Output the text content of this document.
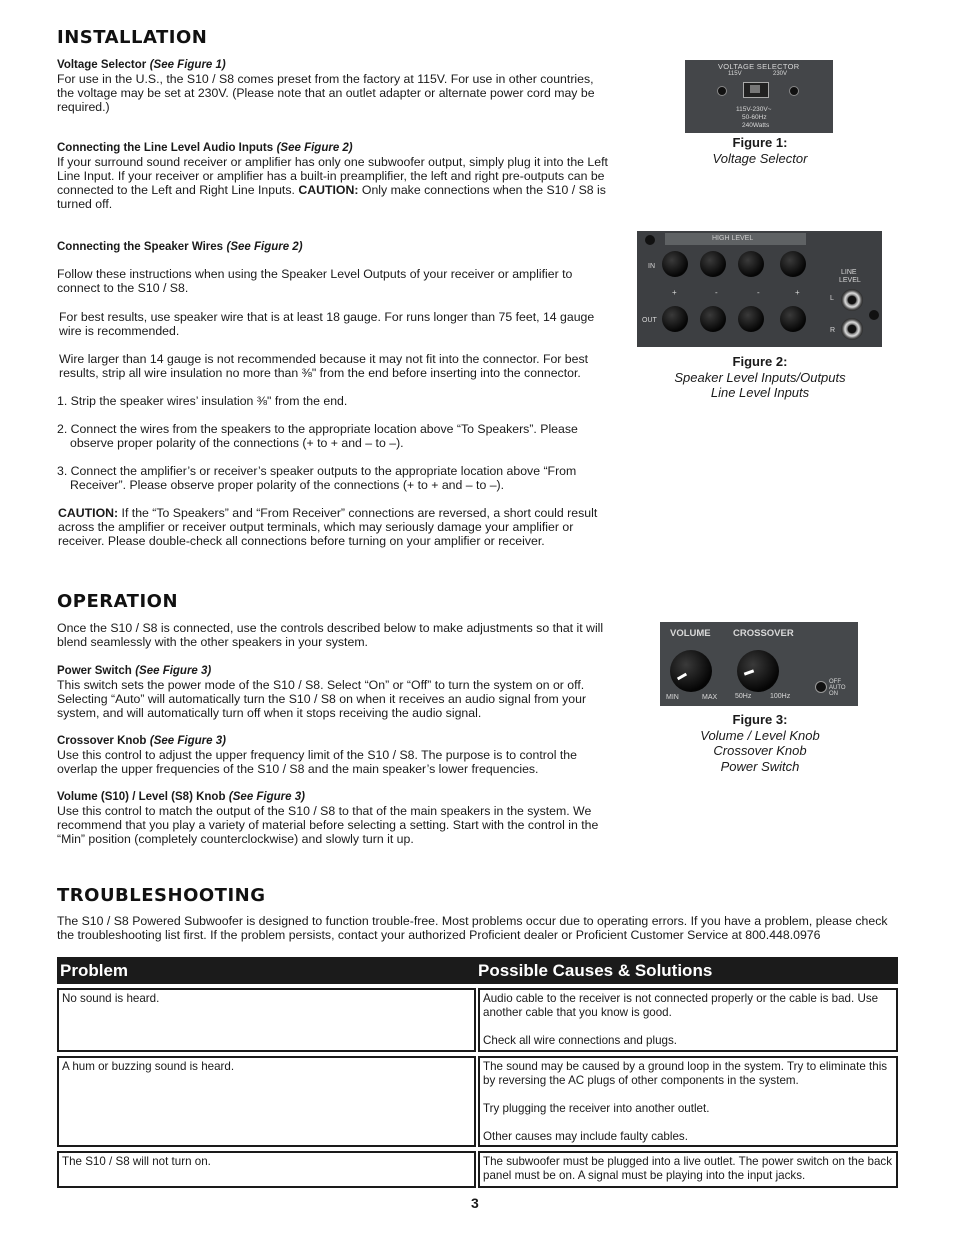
INSTALLATION

Voltage Selector (See Figure 1)

For use in the U.S., the S10 / S8 comes preset from the factory at 115V. For use in other countries, the voltage may be set at 230V. (Please note that an outlet adapter or alternate power cord may be required.)

Connecting the Line Level Audio Inputs (See Figure 2)

If your surround sound receiver or amplifier has only one subwoofer output, simply plug it into the Left Line Input. If your receiver or amplifier has a built-in preamplifier, the left and right pre-outputs can be connected to the Left and Right Line Inputs. CAUTION: Only make connections when the S10 / S8 is turned off.

Connecting the Speaker Wires (See Figure 2)

Follow these instructions when using the Speaker Level Outputs of your receiver or amplifier to connect to the S10 / S8.
For best results, use speaker wire that is at least 18 gauge. For runs longer than 75 feet, 14 gauge wire is recommended.
Wire larger than 14 gauge is not recommended because it may not fit into the connector. For best results, strip all wire insulation no more than ⅜" from the end before inserting into the connector.
1. Strip the speaker wires’ insulation ⅜" from the end.
2. Connect the wires from the speakers to the appropriate location above “To Speakers”. Please observe proper polarity of the connections (+ to + and – to –).
3. Connect the amplifier’s or receiver’s speaker outputs to the appropriate location above “From Receiver”. Please observe proper polarity of the connections (+ to + and – to –).
CAUTION: If the “To Speakers” and “From Receiver” connections are reversed, a short could result across the amplifier or receiver output terminals, which may seriously damage your amplifier or receiver. Please double-check all connections before turning on your amplifier or receiver.
VOLTAGE SELECTOR
115V	230V
115V-230V~
50-60Hz
240Watts
Figure 1:
Voltage Selector
HIGH LEVEL
IN
OUT
+	-	-	+
LINE
LEVEL
L
R
Figure 2:
Speaker Level Inputs/Outputs
Line Level Inputs
OPERATION
Once the S10 / S8 is connected, use the controls described below to make adjustments so that it will blend seamlessly with the other speakers in your system.

Power Switch (See Figure 3)

This switch sets the power mode of the S10 / S8. Select “On” or “Off” to turn the system on or off. Selecting “Auto” will automatically turn the S10 / S8 on when it receives an audio signal from your system, and will automatically turn off when it stops receiving the audio signal.

Crossover Knob (See Figure 3)

Use this control to adjust the upper frequency limit of the S10 / S8. The purpose is to control the overlap the upper frequencies of the S10 / S8 and the main speaker’s lower frequencies.

Volume (S10) / Level (S8) Knob (See Figure 3)

Use this control to match the output of the S10 / S8 to that of the main speakers in the system. We recommend that you play a variety of material before selecting a setting. Start with the control in the “Min” position (completely counterclockwise) and slowly turn it up.

VOLUME CROSSOVER
MIN	MAX	50Hz	100Hz
OFF
AUTO
ON
Figure 3:
Volume / Level Knob
Crossover Knob
Power Switch
TROUBLESHOOTING
The S10 / S8 Powered Subwoofer is designed to function trouble-free. Most problems occur due to operating errors. If you have a problem, please check the troubleshooting list first. If the problem persists, contact your authorized Proficient dealer or Proficient Customer Service at 800.448.0976
Problem	Possible Causes & Solutions

No sound is heard.	Audio cable to the receiver is not connected properly or the cable is bad. Use another cable that you know is good.

Check all wire connections and plugs.

A hum or buzzing sound is heard.	The sound may be caused by a ground loop in the system. Try to eliminate this by reversing the AC plugs of other components in the system.

Try plugging the receiver into another outlet.

Other causes may include faulty cables.

The S10 / S8 will not turn on.	The subwoofer must be plugged into a live outlet. The power switch on the back panel must be on. A signal must be playing into the input jacks.

3
